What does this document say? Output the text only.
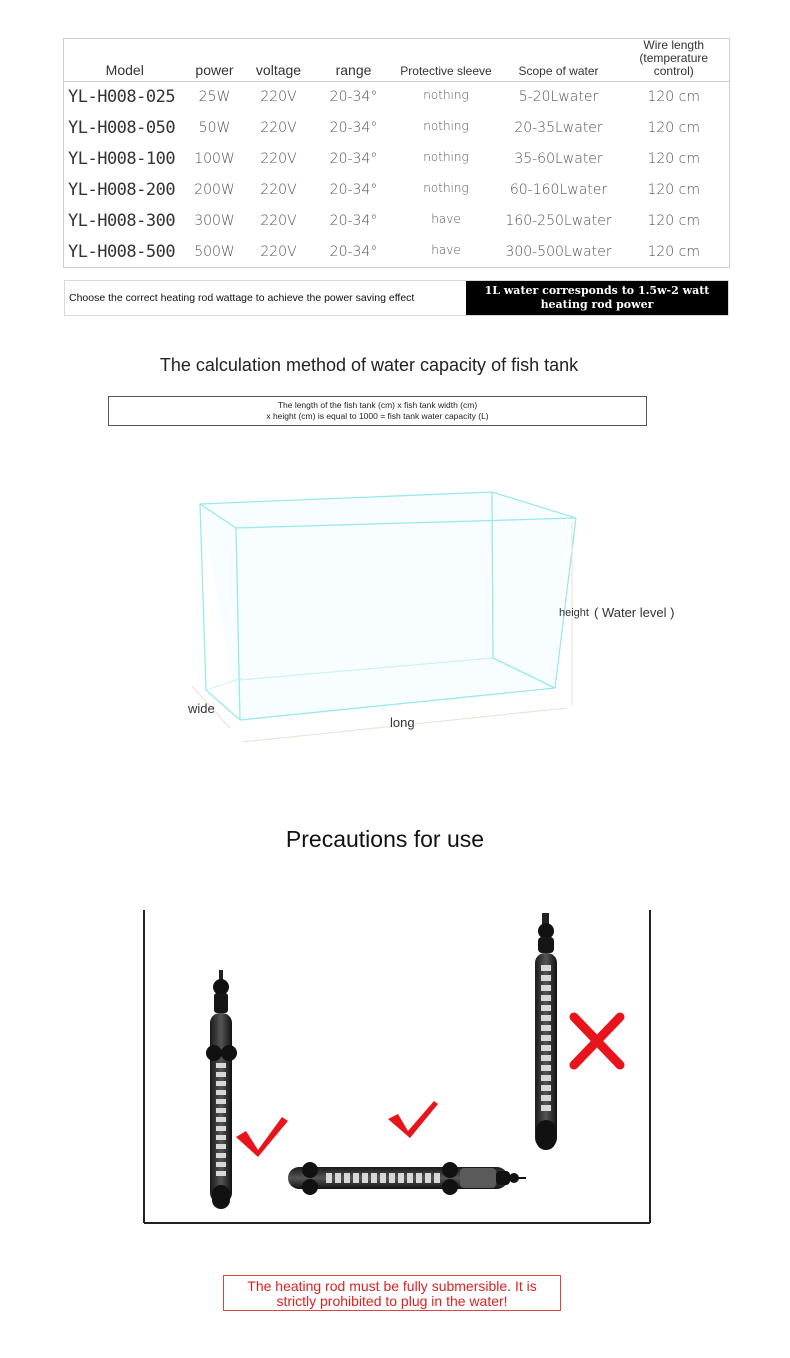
Model	power	voltage	range	Protective sleeve	Scope of water	Wire length
(temperature control)
YL-H008-025	25W	220V	20-34°	nothing	5-20Lwater	120 cm
YL-H008-050	50W	220V	20-34°	nothing	20-35Lwater	120 cm
YL-H008-100	100W	220V	20-34°	nothing	35-60Lwater	120 cm
YL-H008-200	200W	220V	20-34°	nothing	60-160Lwater	120 cm
YL-H008-300	300W	220V	20-34°	have	160-250Lwater	120 cm
YL-H008-500	500W	220V	20-34°	have	300-500Lwater	120 cm
Choose the correct heating rod wattage to achieve the power saving effect
1L water corresponds to 1.5w-2 watt heating rod power
The calculation method of water capacity of fish tank
The length of the fish tank (cm) x fish tank width (cm)
x height (cm) is equal to 1000 = fish tank water capacity (L)
height ( Water level )
wide
long
Precautions for use
The heating rod must be fully submersible. It is
strictly prohibited to plug in the water!
